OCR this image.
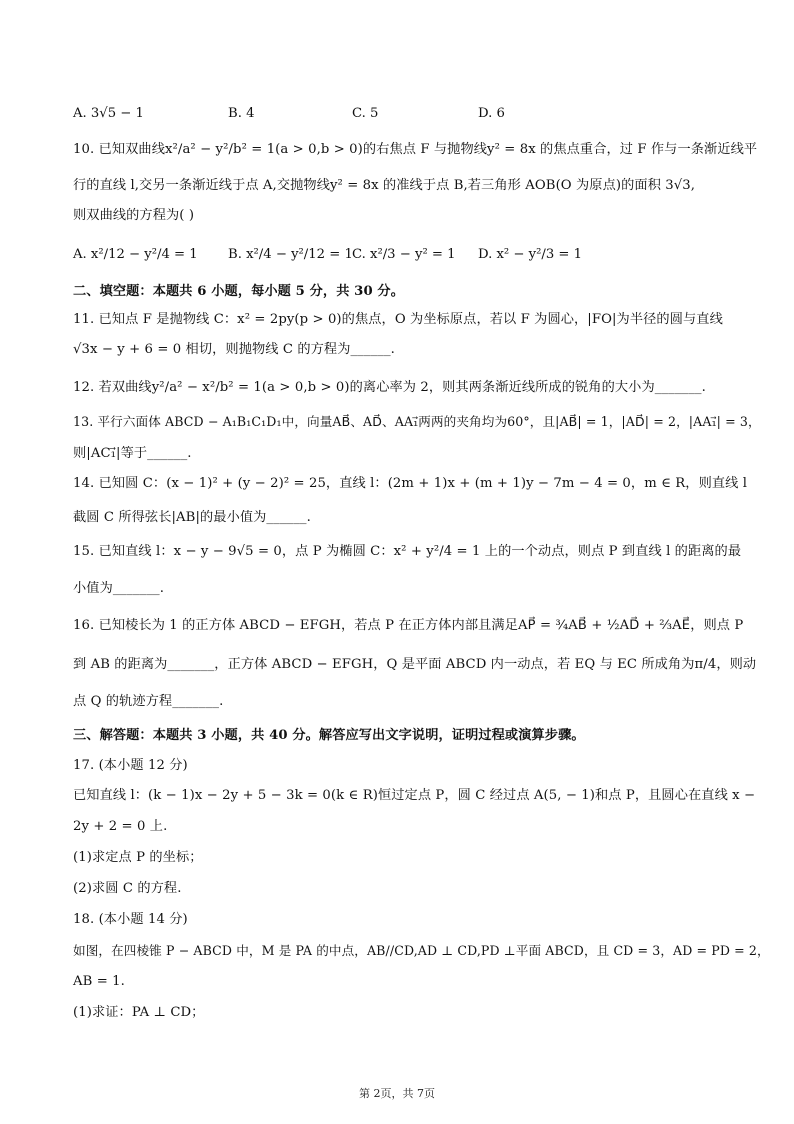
A. 3√5 − 1	B. 4	C. 5	D. 6
10. 已知双曲线x²/a² − y²/b² = 1(a > 0,b > 0)的右焦点 F 与抛物线y² = 8x 的焦点重合，过 F 作与一条渐近线平
行的直线 l,交另一条渐近线于点 A,交抛物线y² = 8x 的准线于点 B,若三角形 AOB(O 为原点)的面积 3√3,
则双曲线的方程为( )
A. x²/12 − y²/4 = 1 B. x²/4 − y²/12 = 1 C. x²/3 − y² = 1 D. x² − y²/3 = 1
二、填空题：本题共 6 小题，每小题 5 分，共 30 分。
11. 已知点 F 是抛物线 C：x² = 2py(p > 0)的焦点，O 为坐标原点，若以 F 为圆心，|FO|为半径的圆与直线
√3x − y + 6 = 0 相切，则抛物线 C 的方程为______.
12. 若双曲线y²/a² − x²/b² = 1(a > 0,b > 0)的离心率为 2，则其两条渐近线所成的锐角的大小为_______.
13. 平行六面体 ABCD − A₁B₁C₁D₁中，向量AB⃗、AD⃗、AA₁⃗两两的夹角均为60°，且|AB⃗| = 1，|AD⃗| = 2，|AA₁⃗| = 3，
则|AC₁⃗|等于______.
14. 已知圆 C：(x − 1)² + (y − 2)² = 25，直线 l：(2m + 1)x + (m + 1)y − 7m − 4 = 0，m ∈ R，则直线 l
截圆 C 所得弦长|AB|的最小值为______.
15. 已知直线 l：x − y − 9√5 = 0，点 P 为椭圆 C：x² + y²/4 = 1 上的一个动点，则点 P 到直线 l 的距离的最
小值为_______.
16. 已知棱长为 1 的正方体 ABCD − EFGH，若点 P 在正方体内部且满足AP⃗ = ¾AB⃗ + ½AD⃗ + ⅔AE⃗，则点 P
到 AB 的距离为_______，正方体 ABCD − EFGH，Q 是平面 ABCD 内一动点，若 EQ 与 EC 所成角为π/4，则动
点 Q 的轨迹方程_______.
三、解答题：本题共 3 小题，共 40 分。解答应写出文字说明，证明过程或演算步骤。
17. (本小题 12 分)
已知直线 l：(k − 1)x − 2y + 5 − 3k = 0(k ∈ R)恒过定点 P，圆 C 经过点 A(5, − 1)和点 P，且圆心在直线 x −
2y + 2 = 0 上.
(1)求定点 P 的坐标；
(2)求圆 C 的方程.
18. (本小题 14 分)
如图，在四棱锥 P − ABCD 中，M 是 PA 的中点，AB//CD,AD ⊥ CD,PD ⊥平面 ABCD，且 CD = 3，AD = PD = 2，
AB = 1.
(1)求证：PA ⊥ CD；
第 2页，共 7页
